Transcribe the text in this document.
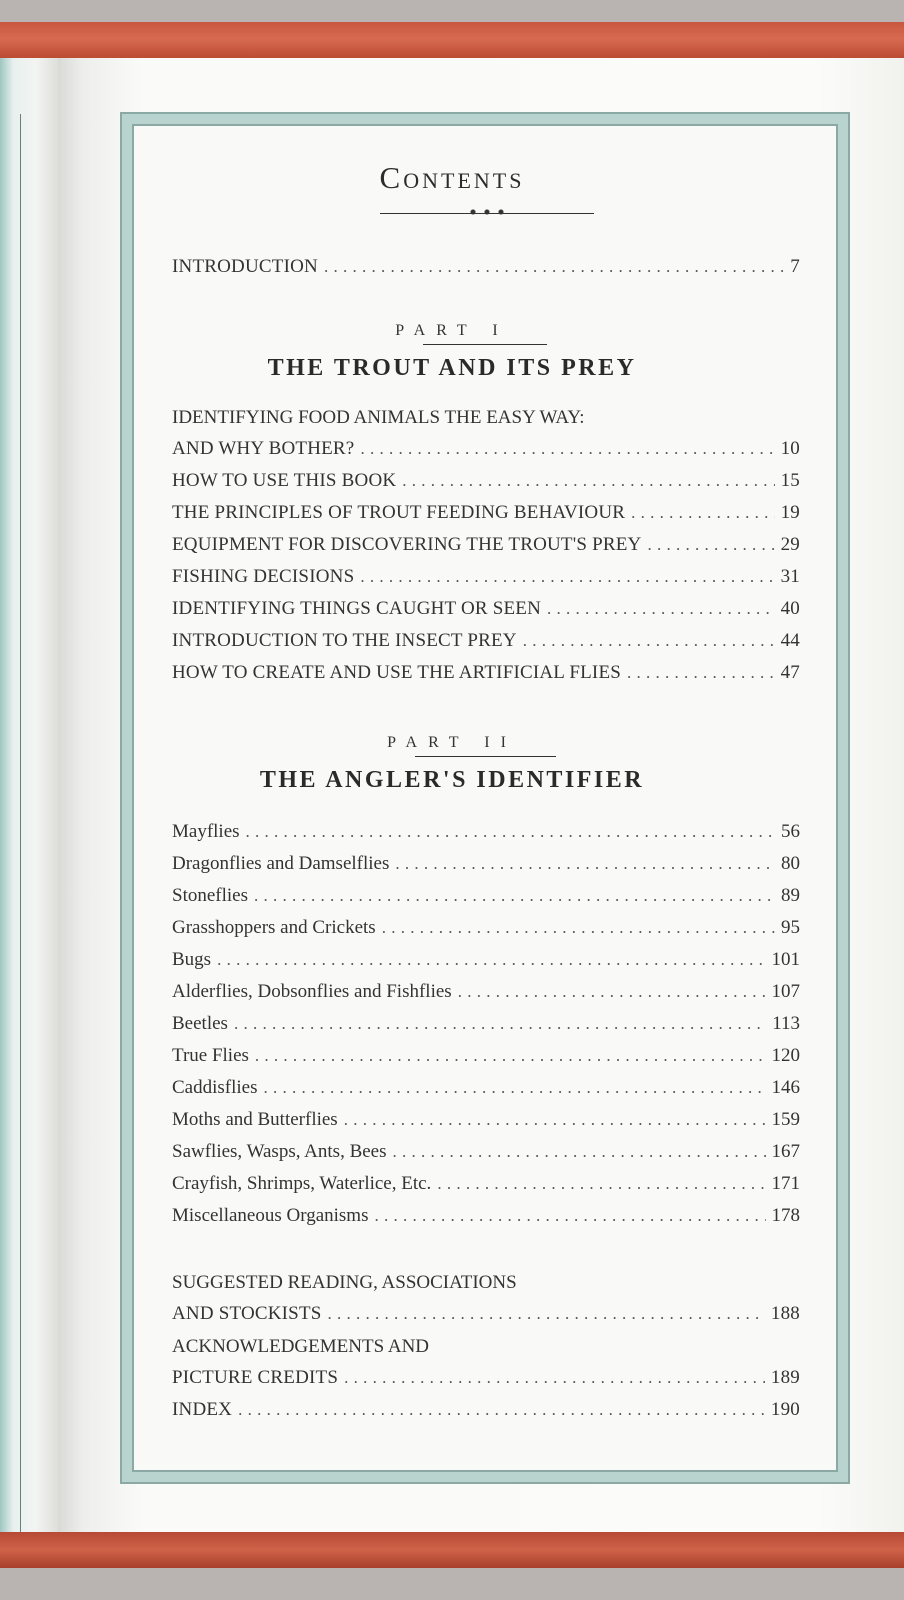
Contents
INTRODUCTION . . .	7
PART I
THE TROUT AND ITS PREY
IDENTIFYING FOOD ANIMALS THE EASY WAY:
AND WHY BOTHER? . . .	10
HOW TO USE THIS BOOK . . .	15
THE PRINCIPLES OF TROUT FEEDING BEHAVIOUR . . .	19
EQUIPMENT FOR DISCOVERING THE TROUT'S PREY . . .	29
FISHING DECISIONS . . .	31
IDENTIFYING THINGS CAUGHT OR SEEN . . .	40
INTRODUCTION TO THE INSECT PREY . . .	44
HOW TO CREATE AND USE THE ARTIFICIAL FLIES . . .	47
PART II
THE ANGLER'S IDENTIFIER
Mayflies . . .	56
Dragonflies and Damselflies . . .	80
Stoneflies . . .	89
Grasshoppers and Crickets . . .	95
Bugs . . .	101
Alderflies, Dobsonflies and Fishflies . . .	107
Beetles . . .	113
True Flies . . .	120
Caddisflies . . .	146
Moths and Butterflies . . .	159
Sawflies, Wasps, Ants, Bees . . .	167
Crayfish, Shrimps, Waterlice, Etc. . . .	171
Miscellaneous Organisms . . .	178
SUGGESTED READING, ASSOCIATIONS
AND STOCKISTS . . .	188
ACKNOWLEDGEMENTS AND
PICTURE CREDITS . . .	189
INDEX . . .	190
